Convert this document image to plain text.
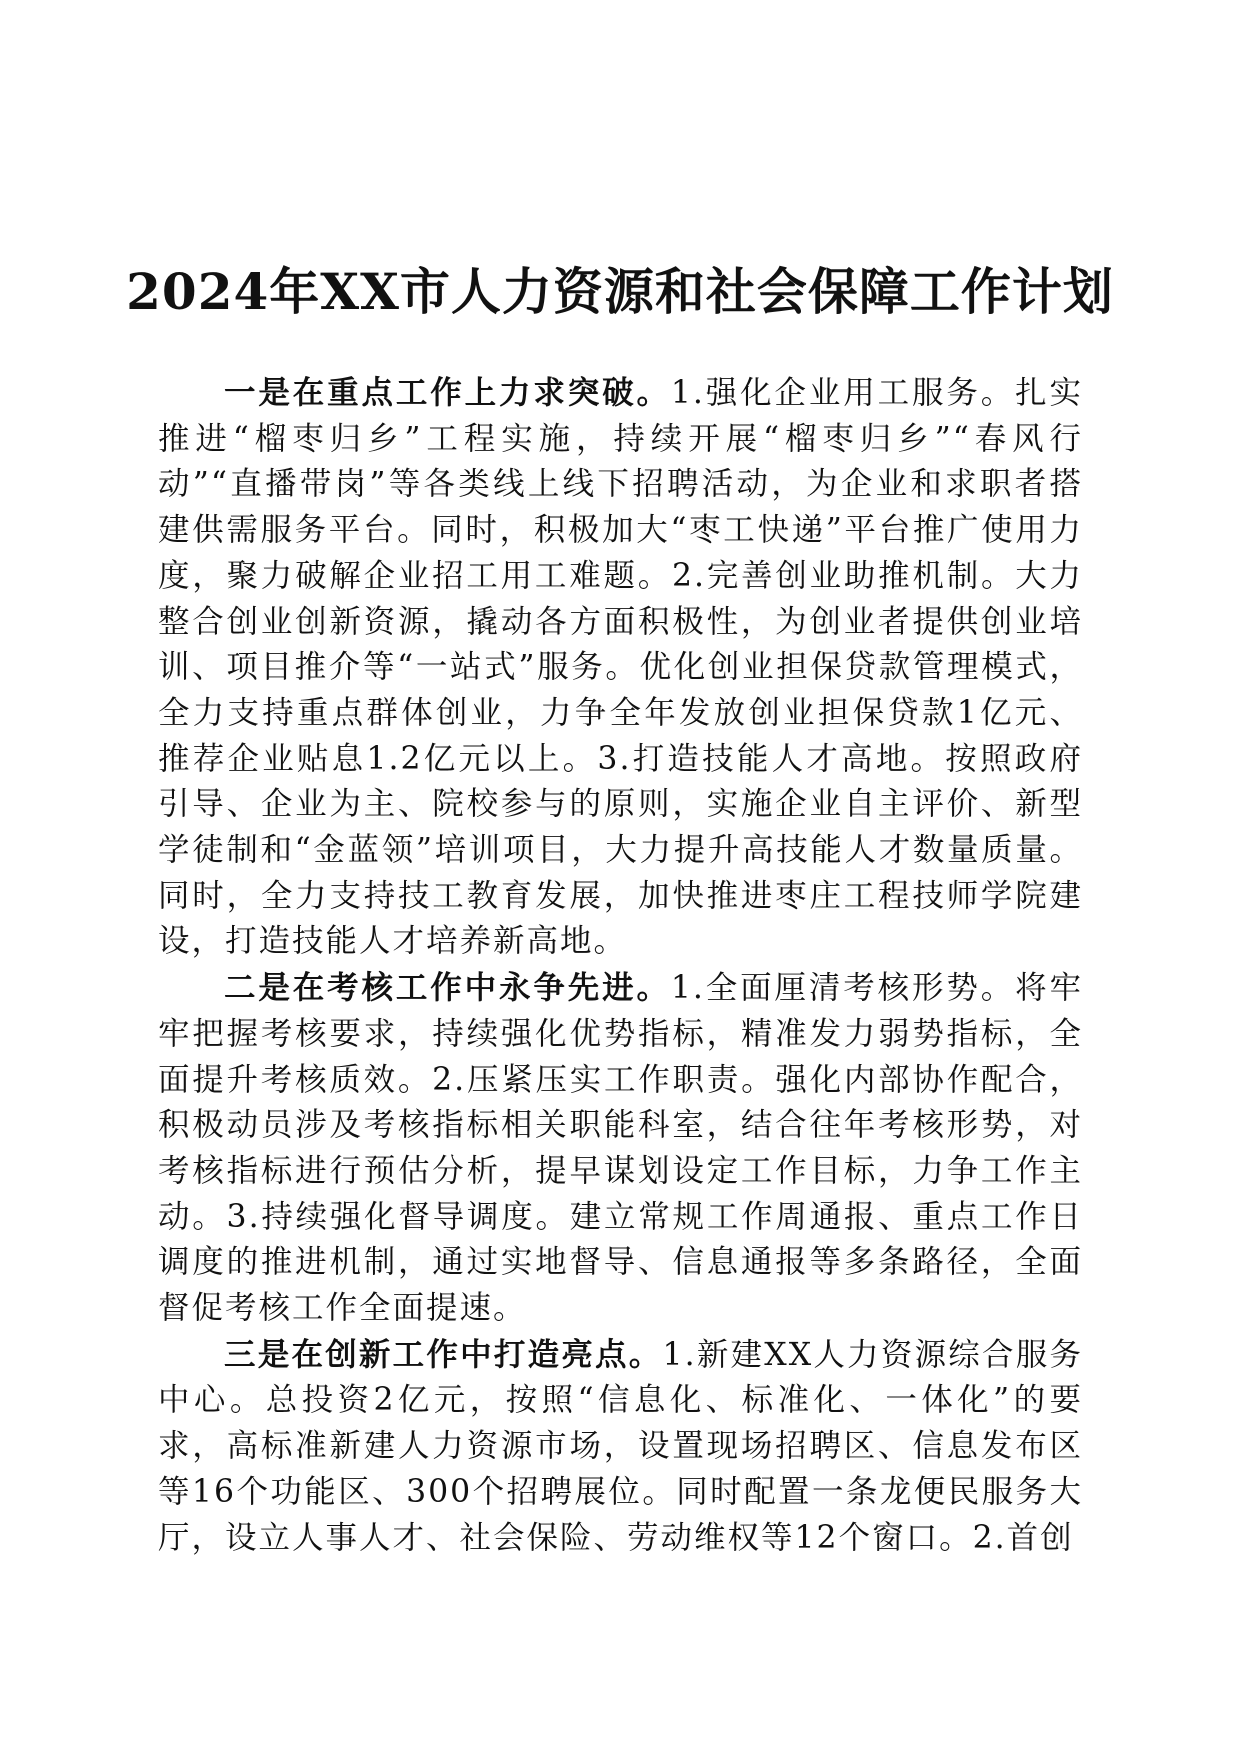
2024年XX市人力资源和社会保障工作计划

一是在重点工作上力求突破。1.强化企业用工服务。扎实推进“榴枣归乡”工程实施，持续开展“榴枣归乡”“春风行动”“直播带岗”等各类线上线下招聘活动，为企业和求职者搭建供需服务平台。同时，积极加大“枣工快递”平台推广使用力度，聚力破解企业招工用工难题。2.完善创业助推机制。大力整合创业创新资源，撬动各方面积极性，为创业者提供创业培训、项目推介等“一站式”服务。优化创业担保贷款管理模式，全力支持重点群体创业，力争全年发放创业担保贷款1亿元、推荐企业贴息1.2亿元以上。3.打造技能人才高地。按照政府引导、企业为主、院校参与的原则，实施企业自主评价、新型学徒制和“金蓝领”培训项目，大力提升高技能人才数量质量。同时，全力支持技工教育发展，加快推进枣庄工程技师学院建设，打造技能人才培养新高地。

二是在考核工作中永争先进。1.全面厘清考核形势。将牢牢把握考核要求，持续强化优势指标，精准发力弱势指标，全面提升考核质效。2.压紧压实工作职责。强化内部协作配合，积极动员涉及考核指标相关职能科室，结合往年考核形势，对考核指标进行预估分析，提早谋划设定工作目标，力争工作主动。3.持续强化督导调度。建立常规工作周通报、重点工作日调度的推进机制，通过实地督导、信息通报等多条路径，全面督促考核工作全面提速。

三是在创新工作中打造亮点。1.新建XX人力资源综合服务中心。总投资2亿元，按照“信息化、标准化、一体化”的要求，高标准新建人力资源市场，设置现场招聘区、信息发布区等16个功能区、300个招聘展位。同时配置一条龙便民服务大厅，设立人事人才、社会保险、劳动维权等12个窗口。2.首创
